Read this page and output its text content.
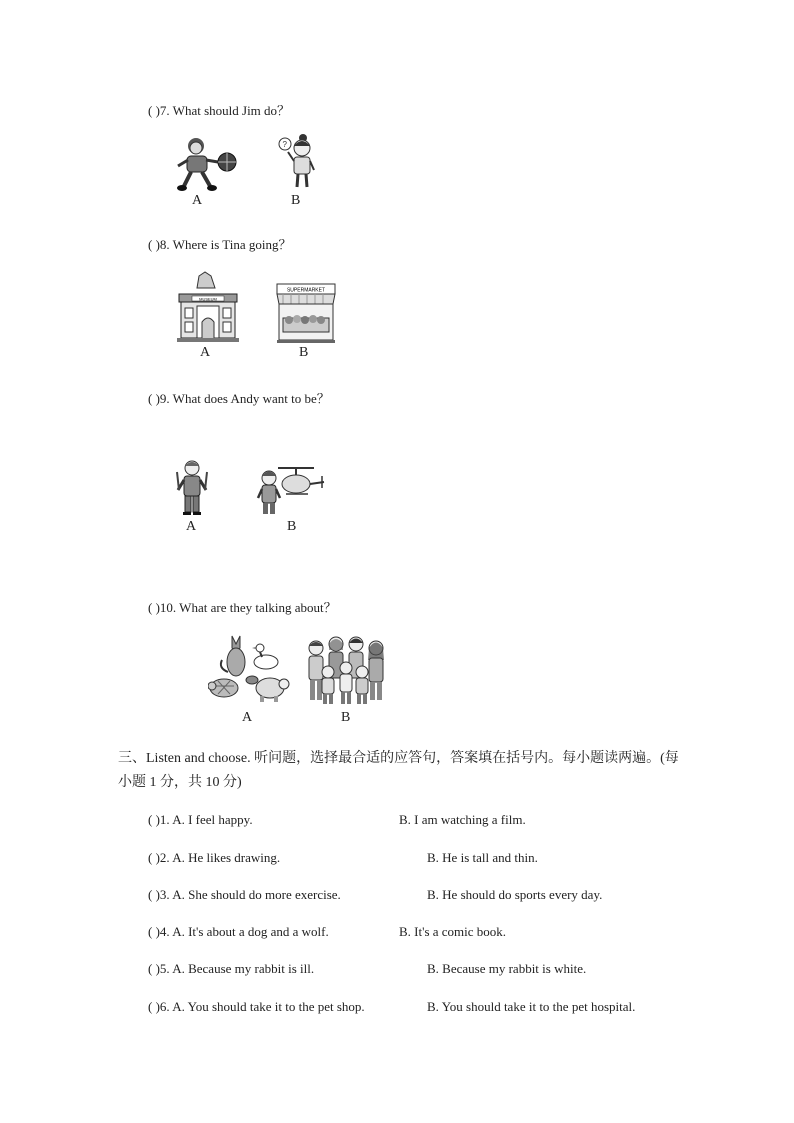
( )7. What should Jim do？
A
?
B
( )8. Where is Tina going？
MUSEUM
A
SUPERMARKET
B
( )9. What does Andy want to be？
A	B
( )10. What are they talking about？
A	B
三、Listen and choose. 听问题，选择最合适的应答句，答案填在括号内。每小题读两遍。(每
小题 1 分，共 10 分)
( )1. A. I feel happy.	B. I am watching a film.
( )2. A. He likes drawing.	B. He is tall and thin.
( )3. A. She should do more exercise.	B. He should do sports every day.
( )4. A. It's about a dog and a wolf.	B. It's a comic book.
( )5. A. Because my rabbit is ill.	B. Because my rabbit is white.
( )6. A. You should take it to the pet shop.	B. You should take it to the pet hospital.
